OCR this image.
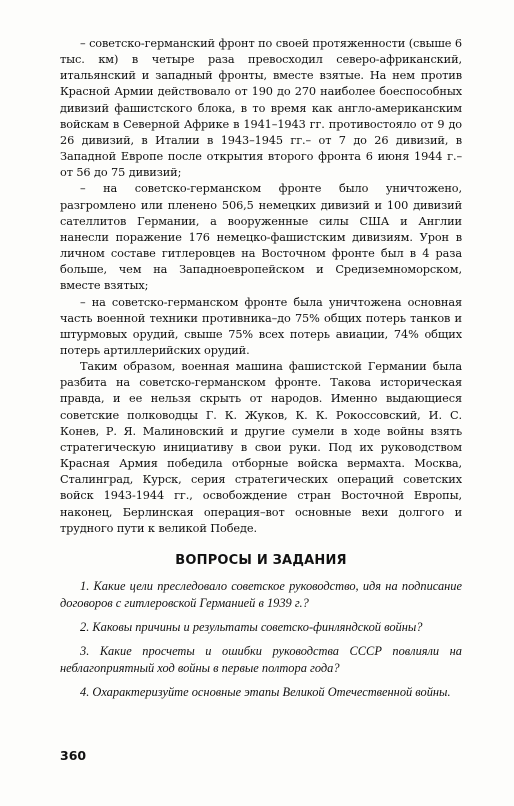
– советско-германский фронт по своей протяженности (свыше 6 тыс. км) в четыре раза превосходил северо-африканский, итальянский и западный фронты, вместе взятые. На нем против Красной Армии действовало от 190 до 270 наиболее боеспособных дивизий фашистского блока, в то время как англо-американским войскам в Северной Африке в 1941–1943 гг. противостояло от 9 до 26 дивизий, в Италии в 1943–1945 гг.– от 7 до 26 дивизий, в Западной Европе после открытия второго фронта 6 июня 1944 г.– от 56 до 75 дивизий;

– на советско-германском фронте было уничтожено, разгромлено или пленено 506,5 немецких дивизий и 100 дивизий сателлитов Германии, а вооруженные силы США и Англии нанесли поражение 176 немецко-фашистским дивизиям. Урон в личном составе гитлеровцев на Восточном фронте был в 4 раза больше, чем на Западноевропейском и Средиземноморском, вместе взятых;

– на советско-германском фронте была уничтожена основная часть военной техники противника–до 75% общих потерь танков и штурмовых орудий, свыше 75% всех потерь авиации, 74% общих потерь артиллерийских орудий.

Таким образом, военная машина фашистской Германии была разбита на советско-германском фронте. Такова историческая правда, и ее нельзя скрыть от народов. Именно выдающиеся советские полководцы Г. К. Жуков, К. К. Рокоссовский, И. С. Конев, Р. Я. Малиновский и другие сумели в ходе войны взять стратегическую инициативу в свои руки. Под их руководством Красная Армия победила отборные войска вермахта. Москва, Сталинград, Курск, серия стратегических операций советских войск 1943-1944 гг., освобождение стран Восточной Европы, наконец, Берлинская операция–вот основные вехи долгого и трудного пути к великой Победе.

ВОПРОСЫ И ЗАДАНИЯ

1. Какие цели преследовало советское руководство, идя на подписание договоров с гитлеровской Германией в 1939 г.?

2. Каковы причины и результаты советско-финляндской войны?

3. Какие просчеты и ошибки руководства СССР повлияли на неблагоприятный ход войны в первые полтора года?

4. Охарактеризуйте основные этапы Великой Отечественной войны.

360
